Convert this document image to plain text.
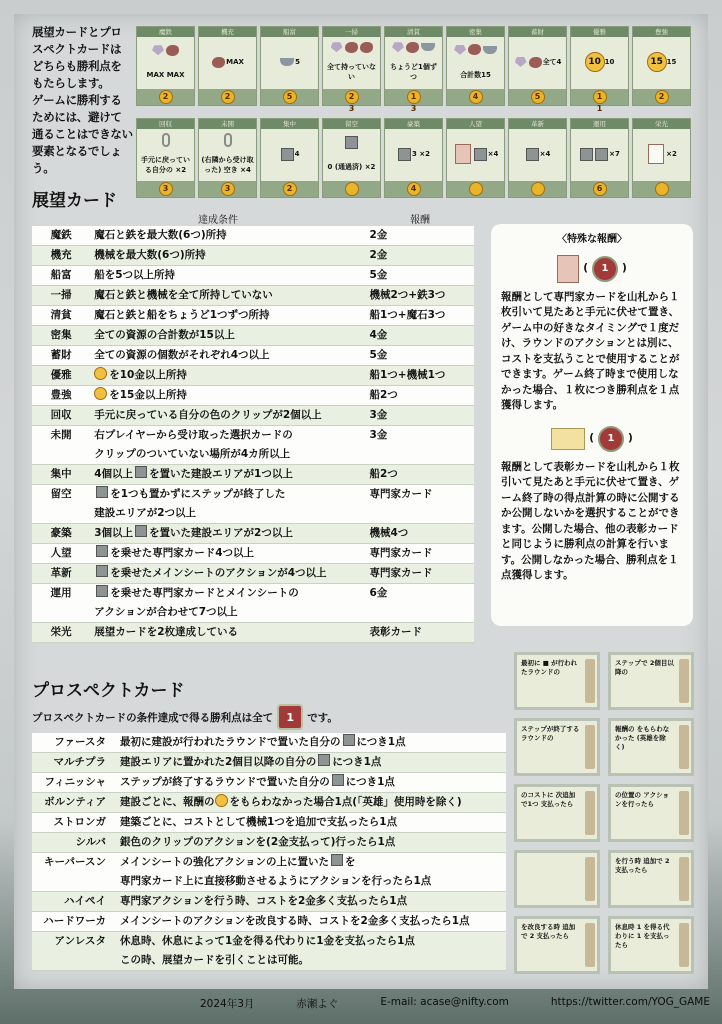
展望カードとプロ
スペクトカードは
どちらも勝利点を
もたらします。
ゲームに勝利する
ためには、避けて
通ることはできない
要素となるでしょう。
魔鉄
MAX MAX
2
機充
MAX
2
船富
5
5
一掃
全て持っていない
2 3
清貧
ちょうど1個ずつ
1 3
密集
合計数15
4
蓄財
全て4
5
優雅
10 10
1 1
豊強
15 15
2
回収
手元に戻っている自分の ×2
3
未開
(右隣から受け取った) 空き ×4
3
集中
4
2
留空
0 (通過済) ×2
豪築
3 ×2
4
人望
×4
革新
×4
運用
×7
6
栄光
×2
展望カード
達成条件	報酬
魔鉄	魔石と鉄を最大数(6つ)所持	2金
機充	機械を最大数(6つ)所持	2金
船富	船を5つ以上所持	5金
一掃	魔石と鉄と機械を全て所持していない	機械2つ+鉄3つ
清貧	魔石と鉄と船をちょうど1つずつ所持	船1つ+魔石3つ
密集	全ての資源の合計数が15以上	4金
蓄財	全ての資源の個数がそれぞれ4つ以上	5金
優雅	を10金以上所持	船1つ+機械1つ
豊強	を15金以上所持	船2つ
回収	手元に戻っている自分の色のクリップが2個以上	3金
未開	右プレイヤーから受け取った選択カードの
クリップのついていない場所が4カ所以上	3金
集中	4個以上 を置いた建設エリアが1つ以上	船2つ
留空	を1つも置かずにステップが終了した
建設エリアが2つ以上	専門家カード
豪築	3個以上 を置いた建設エリアが2つ以上	機械4つ
人望	を乗せた専門家カード4つ以上	専門家カード
革新	を乗せたメインシートのアクションが4つ以上	専門家カード
運用	を乗せた専門家カードとメインシートの
アクションが合わせて7つ以上	6金
栄光	展望カードを2枚達成している	表彰カード
〈特殊な報酬〉
(	1	)

報酬として専門家カードを山札から１枚引いて見たあと手元に伏せて置き、ゲーム中の好きなタイミングで１度だけ、ラウンドのアクションとは別に、コストを支払うことで使用することができます。ゲーム終了時まで使用しなかった場合、１枚につき勝利点を１点獲得します。

(	1	)

報酬として表彰カードを山札から１枚引いて見たあと手元に伏せて置き、ゲーム終了時の得点計算の時に公開するか公開しないかを選択することができます。公開した場合、他の表彰カードと同じように勝利点の計算を行います。公開しなかった場合、勝利点を１点獲得します。

プロスペクトカード
プロスペクトカードの条件達成で得る勝利点は全て	1	です。
ファースタ	最初に建設が行われたラウンドで置いた自分の につき1点

マルチプラ	建設エリアに置かれた2個目以降の自分の につき1点

フィニッシャ	ステップが終了するラウンドで置いた自分の につき1点

ボルンティア	建設ごとに、報酬の をもらわなかった場合1点(「英雄」使用時を除く)

ストロンガ	建築ごとに、コストとして機械1つを追加で支払ったら1点

シルバ	銀色のクリップのアクションを(2金支払って)行ったら1点

キーパースン	メインシートの強化アクションの上に置いた を
専門家カード上に直接移動させるようにアクションを行ったら1点

ハイペイ	専門家アクションを行う時、コストを2金多く支払ったら1点

ハードワーカ	メインシートのアクションを改良する時、コストを2金多く支払ったら1点

アンレスタ	休息時、休息によって1金を得る代わりに1金を支払ったら1点
この時、展望カードを引くことは可能。
最初に ■ が行われたラウンドの
ステップで 2個目以降の
ステップが終了するラウンドの
報酬の をもらわなかった (英雄を除く)
のコストに 次追加で1つ 支払ったら
の位置の アクションを行ったら
を行う時 追加で 2 支払ったら
を改良する時 追加で 2 支払ったら
休息時 1 を得る代わりに 1 を支払ったら
2024年3月	赤瀬よぐ	E-mail: acase@nifty.com	https://twitter.com/YOG_GAME
